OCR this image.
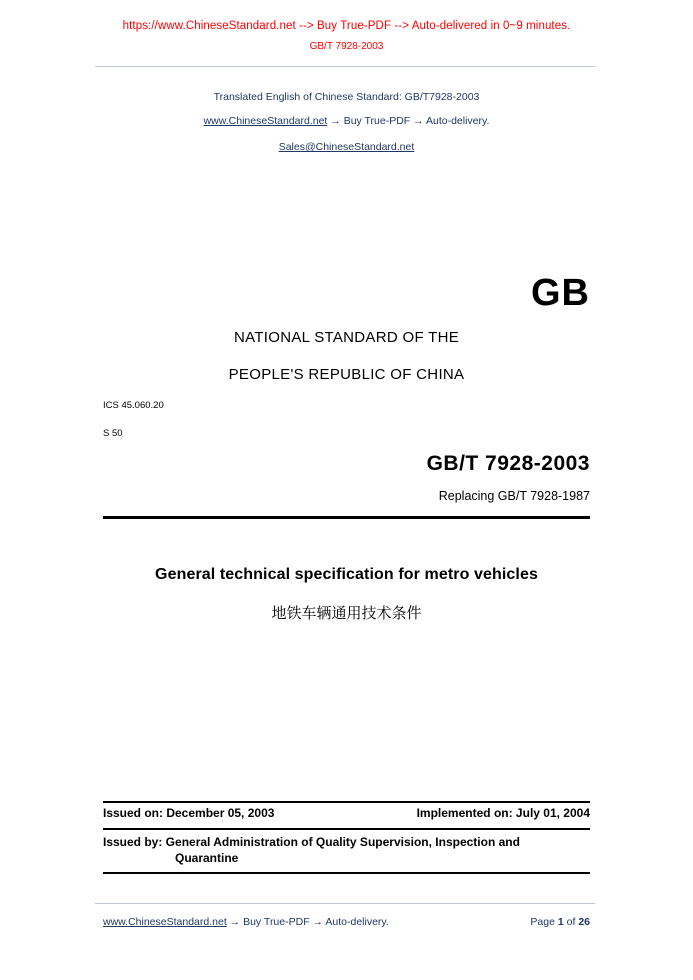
https://www.ChineseStandard.net --> Buy True-PDF --> Auto-delivered in 0~9 minutes.
GB/T 7928-2003
Translated English of Chinese Standard: GB/T7928-2003
www.ChineseStandard.net → Buy True-PDF → Auto-delivery.
Sales@ChineseStandard.net
GB
NATIONAL STANDARD OF THE
PEOPLE'S REPUBLIC OF CHINA
ICS 45.060.20
S 50
GB/T 7928-2003
Replacing GB/T 7928-1987
General technical specification for metro vehicles
地铁车辆通用技术条件
Issued on: December 05, 2003	Implemented on: July 01, 2004
Issued by: General Administration of Quality Supervision, Inspection and
Quarantine
www.ChineseStandard.net → Buy True-PDF → Auto-delivery.	Page 1 of 26
